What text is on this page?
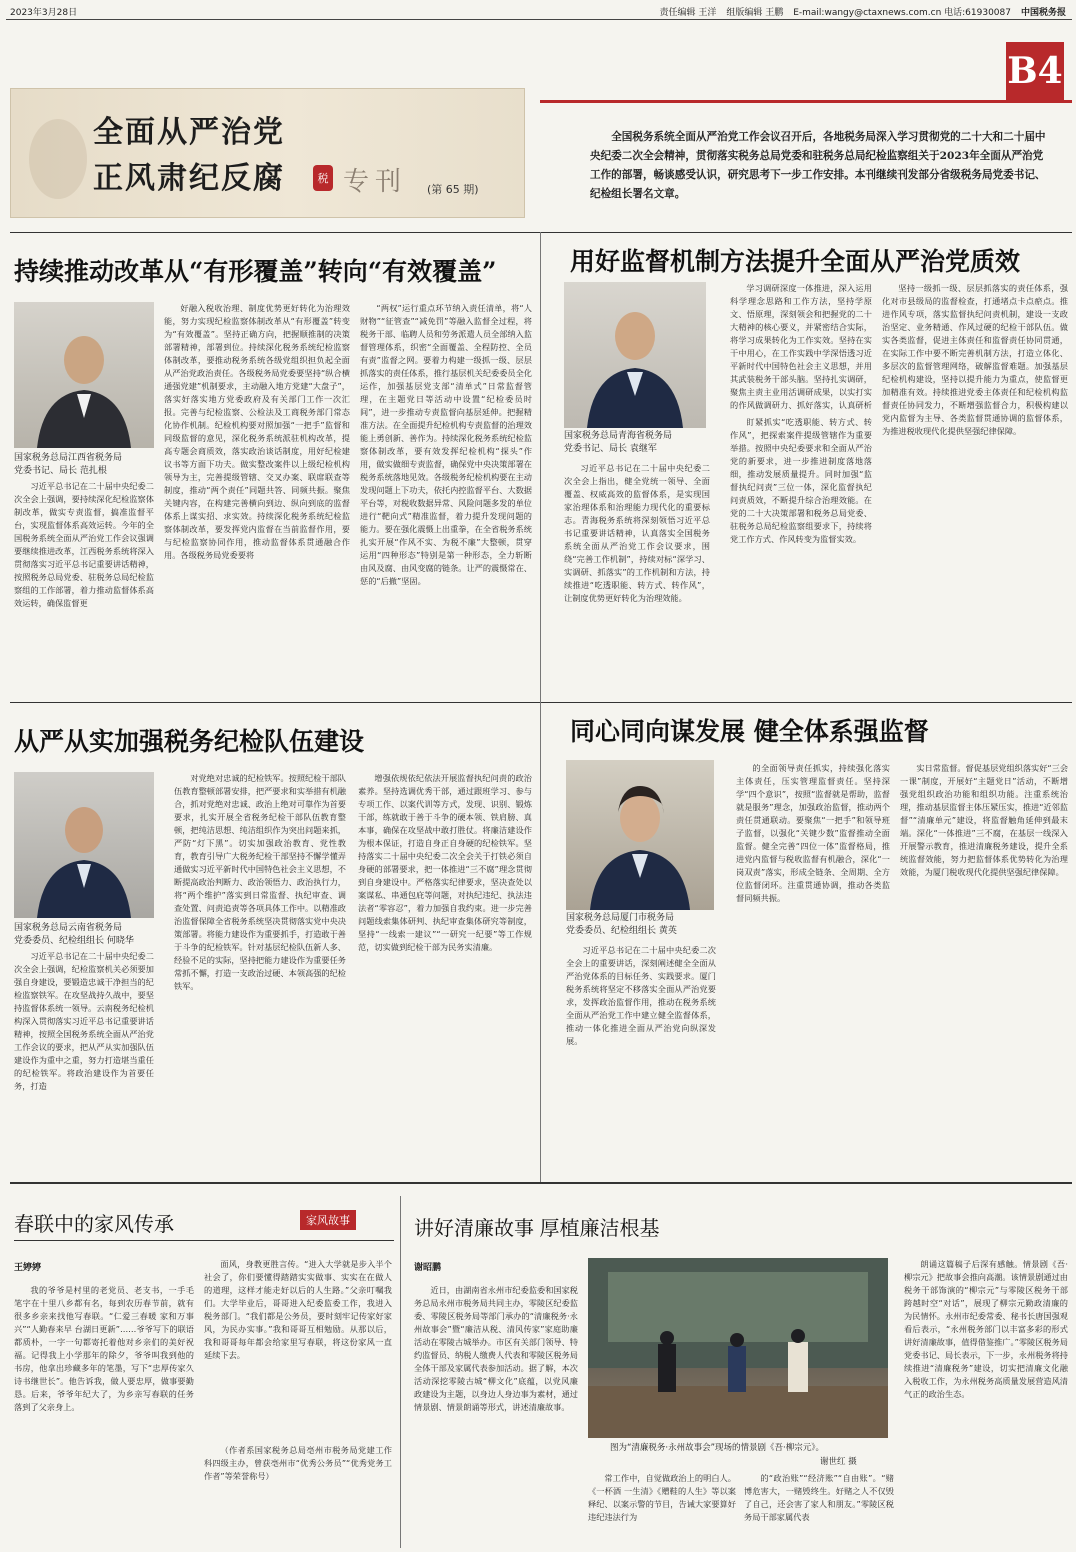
2023年3月28日	责任编辑 王洋 组版编辑 王鹏 E-mail:wangy@ctaxnews.com.cn 电话:61930087 中国税务报
B4
全面从严治党
正风肃纪反腐	税 专刊 (第 65 期)
全国税务系统全面从严治党工作会议召开后，各地税务局深入学习贯彻党的二十大和二十届中央纪委二次全会精神，贯彻落实税务总局党委和驻税务总局纪检监察组关于2023年全面从严治党工作的部署，畅谈感受认识，研究思考下一步工作安排。本刊继续刊发部分省级税务局党委书记、纪检组长署名文章。
持续推动改革从“有形覆盖”转向“有效覆盖”
国家税务总局江西省税务局
党委书记、局长 范扎根

习近平总书记在二十届中央纪委二次全会上强调，要持续深化纪检监察体制改革，做实专责监督，搞准监督平台，实现监督体系高效运转。今年的全国税务系统全面从严治党工作会议强调要继续推进改革，江西税务系统将深入贯彻落实习近平总书记重要讲话精神，按照税务总局党委、驻税务总局纪检监察组的工作部署，着力推动监督体系高效运转，确保监督更

好融入税收治理、制度优势更好转化为治理效能，努力实现纪检监察体制改革从“有形覆盖”转变为“有效覆盖”。坚持正确方向，把握顺推制的决策部署精神，部署到位。持续深化税务系统纪检监察体制改革，要推动税务系统各级党组织担负起全面从严治党政治责任。各级税务局党委要坚持“纵合横通强党建”机制要求，主动融入地方党建“大盘子”，落实好落实地方党委政府及有关部门工作一次汇报。完善与纪检监察、公检法及工商税务部门常态化协作机制。纪检机构要对照加强“一把手”监督和同级监督的意见，深化税务系统派驻机构改革，提高专题会商质效，落实政治谈话制度，用好纪检建议书等方面下功夫。做实整改案件以上级纪检机构领导为主，完善提级管辖、交叉办案、联席联查等制度，推动“两个责任”同题共答、同频共振。聚焦关键内容，在构建完善横向到边、纵向到底的监督体系上谋实招、求实效。持续深化税务系统纪检监察体制改革，要发挥党内监督在当前监督作用，要与纪检监察协同作用，推动监督体系贯通融合作用。各级税务局党委要将

“两权”运行重点环节纳入责任清单，将“人财物”“征管查”“减免罚”等融入监督全过程，将税务干部、临聘人员和劳务派遣人员全部纳入监督管理体系，织密“全面覆盖、全程防控、全员有责”监督之网。要着力构建一级抓一级、层层抓落实的责任体系，推行基层机关纪委委员全化运作，加强基层党支部“清单式”日常监督管理，在主题党日等活动中设置“纪检委员时间”，进一步推动专责监督向基层延伸。把握精准方法。在全面提升纪检机构专责监督的治理效能上勇创新、善作为。持续深化税务系统纪检监察体制改革，要有效发挥纪检机构“探头”作用，做实做细专责监督，确保党中央决策部署在税务系统落地见效。各级税务纪检机构要在主动发现问题上下功夫，依托内控监督平台、大数据平台等，对税收数据异常、风险问题多发的单位进行“靶向式”精准监督，着力提升发现问题的能力。要在强化震慑上出重拳，在全省税务系统扎实开展“作风不实、为税不廉”大整顿，贯穿运用“四种形态”特别是第一种形态，全力斩断由风及腐、由风变腐的链条。让严的震慑常在、惩的“后撤”坚固。

用好监督机制方法提升全面从严治党质效
国家税务总局青海省税务局
党委书记、局长 袁继军

习近平总书记在二十届中央纪委二次全会上指出，健全党统一领导、全面覆盖、权威高效的监督体系，是实现国家治理体系和治理能力现代化的重要标志。青海税务系统将深刻领悟习近平总书记重要讲话精神，认真落实全国税务系统全面从严治党工作会议要求，围绕“完善工作机制”，持续对标“深学习、实调研、抓落实”的工作机制和方法，持续推进“吃透职能、转方式、转作风”，让制度优势更好转化为治理效能。

学习调研深度一体推进，深入运用科学理念思路和工作方法，坚持学原文、悟原理，深刻领会和把握党的二十大精神的核心要义，并紧密结合实际，将学习成果转化为工作实效。坚持在实干中用心，在工作实践中学深悟透习近平新时代中国特色社会主义思想，并用其武装税务干部头脑。坚持扎实调研，聚焦主责主业用活调研成果，以实打实的作风做调研力、抓好落实，认真研析

盯紧抓实“吃透职能、转方式、转作风”，把探索案件提级管辖作为重要举措。按照中央纪委要求和全面从严治党的新要求，进一步推进制度落地落细，推动发展质量提升。同时加强“监督执纪问责”三位一体，深化监督执纪问责质效，不断提升综合治理效能。在党的二十大决策部署和税务总局党委、驻税务总局纪检监察组要求下，持续将党工作方式、作风转变为监督实效。

坚持一级抓一级、层层抓落实的责任体系，强化对市县级局的监督检查，打通堵点卡点瘀点。推进作风专项，落实监督执纪问责机制，建设一支政治坚定、业务精通、作风过硬的纪检干部队伍。做实各类监督，促进主体责任和监督责任协同贯通，在实际工作中要不断完善机制方法，打造立体化、多层次的监督管理网络，破解监督难题。加强基层纪检机构建设，坚持以提升能力为重点，使监督更加精准有效。持续推进党委主体责任和纪检机构监督责任协同发力，不断增强监督合力，积极构建以党内监督为主导、各类监督贯通协调的监督体系，为推进税收现代化提供坚强纪律保障。

从严从实加强税务纪检队伍建设
国家税务总局云南省税务局
党委委员、纪检组组长 何晓华

习近平总书记在二十届中央纪委二次全会上强调，纪检监察机关必须要加强自身建设，要锻造忠诚干净担当的纪检监察铁军。在攻坚战持久战中，要坚持监督体系统一领导。云南税务纪检机构深入贯彻落实习近平总书记重要讲话精神，按照全国税务系统全面从严治党工作会议的要求，把从严从实加强队伍建设作为重中之重，努力打造堪当重任的纪检铁军。将政治建设作为首要任务，打造

对党绝对忠诚的纪检铁军。按照纪检干部队伍教育整顿部署安排，把严要求和实举措有机融合，抓对党绝对忠诚、政治上绝对可靠作为首要要求，扎实开展全省税务纪检干部队伍教育整顿，把纯洁思想、纯洁组织作为突出问题来抓，严防“灯下黑”。切实加强政治教育、党性教育，教育引导广大税务纪检干部坚持不懈学懂弄通做实习近平新时代中国特色社会主义思想，不断提高政治判断力、政治领悟力、政治执行力，将“两个维护”落实到日常监督、执纪审查、调查处置、问责追责等各项具体工作中。以精准政治监督保障全省税务系统坚决贯彻落实党中央决策部署。将能力建设作为重要抓手，打造敢于善于斗争的纪检铁军。针对基层纪检队伍新人多、经验不足的实际，坚持把能力建设作为重要任务常抓不懈，打造一支政治过硬、本领高强的纪检铁军。

增强依规依纪依法开展监督执纪问责的政治素养。坚持选调优秀干部，通过跟班学习、参与专项工作、以案代训等方式，发现、识别、锻炼干部，练就敢于善于斗争的硬本领、铁肩膀、真本事，确保在攻坚战中敢打胜仗。将廉洁建设作为根本保证，打造自身正自身硬的纪检铁军。坚持落实二十届中央纪委二次全会关于打铁必须自身硬的部署要求，把一体推进“三不腐”理念贯彻到自身建设中。严格落实纪律要求，坚决查处以案谋私、串通包庇等问题，对执纪违纪、执法违法者“零容忍”，着力加强自我约束。进一步完善问题线索集体研判、执纪审查集体研究等制度，坚持“一线索一建议”“一研究一纪要”等工作规范，切实做到纪检干部为民务实清廉。

同心同向谋发展 健全体系强监督
国家税务总局厦门市税务局
党委委员、纪检组组长 黄英

习近平总书记在二十届中央纪委二次全会上的重要讲话，深刻阐述健全全面从严治党体系的目标任务、实践要求。厦门税务系统将坚定不移落实全面从严治党要求，发挥政治监督作用，推动在税务系统全面从严治党工作中建立健全监督体系，推动一体化推进全面从严治党向纵深发展。

的全面领导责任抓实，持续强化落实主体责任，压实管理监督责任。坚持深学“四个意识”，按照“监督就是帮助，监督就是服务”理念，加强政治监督，推动两个责任贯通联动。要聚焦“一把手”和领导班子监督，以强化“关键少数”监督推动全面监督。健全完善“四位一体”监督格局，推进党内监督与税收监督有机融合，深化“一岗双责”落实，形成全链条、全周期、全方位监督闭环。注重贯通协调，推动各类监督同频共振。

实日常监督。督促基层党组织落实好“三会一课”制度，开展好“主题党日”活动，不断增强党组织政治功能和组织功能。注重系统治理，推动基层监督主体压紧压实，推进“近邻监督”“清廉单元”建设，将监督触角延伸到最末端。深化“一体推进”三不腐，在基层一线深入开展警示教育，推进清廉税务建设，提升全系统监督效能，努力把监督体系优势转化为治理效能，为厦门税收现代化提供坚强纪律保障。

春联中的家风传承	家风故事
王婷婷

我的爷爷是村里的老党员、老支书，一手毛笔字在十里八乡都有名，每到农历春节前，就有很多乡亲来找他写春联。“仁爱三春暖 家和万事兴”“人勤春来早 台湖日更新”……爷爷写下的联语都质朴，一字一句都寄托着他对乡亲们的美好祝福。记得我上小学那年的除夕，爷爷叫我到他的书房，他拿出珍藏多年的笔墨，写下“忠厚传家久 诗书继世长”。他告诉我，做人要忠厚，做事要勤恳。后来，爷爷年纪大了，为乡亲写春联的任务落到了父亲身上。

面风，身教更胜言传。“进入大学就是步入半个社会了，你们要懂得踏踏实实做事、实实在在做人的道理，这样才能走好以后的人生路。”父亲叮嘱我们。大学毕业后，哥哥进入纪委监委工作，我进入税务部门。“我们都是公务员，要时刻牢记传家好家风，为民办实事。”我和哥哥互相勉励。从那以后，我和哥哥每年都会给家里写春联，将这份家风一直延续下去。

（作者系国家税务总局亳州市税务局党建工作科四级主办，曾获亳州市“优秀公务员”“优秀党务工作者”等荣誉称号）

讲好清廉故事 厚植廉洁根基
谢昭鹏

近日，由湖南省永州市纪委监委和国家税务总局永州市税务局共同主办，零陵区纪委监委、零陵区税务局等部门承办的“清廉税务·永州故事会”暨“廉洁从税、清风传家”家庭助廉活动在零陵古城举办。市区有关部门领导、特约监督员、纳税人缴费人代表和零陵区税务局全体干部及家属代表参加活动。据了解，本次活动深挖零陵古城“柳文化”底蕴，以党风廉政建设为主题，以身边人身边事为素材，通过情景剧、情景朗诵等形式，讲述清廉故事。

图为“清廉税务·永州故事会”现场的情景剧《吾·柳宗元》。
谢世红 摄

常工作中，自觉做政治上的明白人。《一杯酒 一生清》《赠鞋的人生》等以案释纪、以案示警的节目，告诫大家要算好违纪违法行为

的“政治账”“经济账”“自由账”。“赌博危害大，一赌毁终生。好赌之人不仅毁了自己，还会害了家人和朋友。”零陵区税务局干部家属代表

朗诵这篇稿子后深有感触。情景剧《吾·柳宗元》把故事会推向高潮。该情景剧通过由税务干部饰演的“柳宗元”与零陵区税务干部跨越时空“对话”，展现了柳宗元勤政清廉的为民情怀。永州市纪委常委、秘书长唐国强观看后表示，“永州税务部门以丰富多彩的形式讲好清廉故事，值得借鉴推广。”零陵区税务局党委书记、局长表示，下一步，永州税务将持续推进“清廉税务”建设，切实把清廉文化融入税收工作，为永州税务高质量发展营造风清气正的政治生态。
